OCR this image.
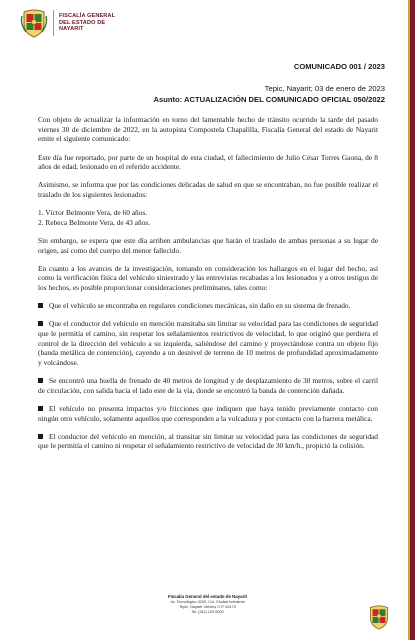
FISCALÍA GENERAL
DEL ESTADO DE
NAYARIT
COMUNICADO 001 / 2023
Tepic, Nayarit; 03 de enero de 2023
Asunto: ACTUALIZACIÓN DEL COMUNICADO OFICIAL 050/2022

Con objeto de actualizar la información en torno del lamentable hecho de tránsito ocurrido la tarde del pasado viernes 30 de diciembre de 2022, en la autopista Compostela Chapalilla, Fiscalía General del estado de Nayarit emite el siguiente comunicado:

Este día fue reportado, por parte de un hospital de esta ciudad, el fallecimiento de Julio César Torres Gaona, de 8 años de edad, lesionado en el referido accidente.

Asimismo, se informa que por las condiciones delicadas de salud en que se encontraban, no fue posible realizar el traslado de los siguientes lesionados:

1. Víctor Belmonte Vera, de 60 años.

2. Rebeca Belmonte Vera, de 43 años.

Sin embargo, se espera que este día arriben ambulancias que harán el traslado de ambas personas a su lugar de origen, así como del cuerpo del menor fallecido.

En cuanto a los avances de la investigación, tomando en consideración los hallazgos en el lugar del hecho, así como la verificación física del vehículo siniestrado y las entrevistas recabadas a los lesionados y a otros testigos de los hechos, es posible proporcionar consideraciones preliminares, tales como:

Que el vehículo se encontraba en regulares condiciones mecánicas, sin daño en su sistema de frenado.

Que el conductor del vehículo en mención transitaba sin limitar su velocidad para las condiciones de seguridad que le permitía el camino, sin respetar los señalamientos restrictivos de velocidad, lo que originó que perdiera el control de la dirección del vehículo a su izquierda, saliéndose del camino y proyectándose contra un objeto fijo (banda metálica de contención), cayendo a un desnivel de terreno de 10 metros de profundidad aproximadamente y volcándose.

Se encontró una huella de frenado de 40 metros de longitud y de desplazamiento de 30 metros, sobre el carril de circulación, con salida hacia el lado este de la vía, donde se encontró la banda de contención dañada.

El vehículo no presenta impactos y/o fricciones que indiquen que haya tenido previamente contacto con ningún otro vehículo, solamente aquellos que corresponden a la volcadura y por contacto con la barrera metálica.

El conductor del vehículo en mención, al transitar sin limitar su velocidad para las condiciones de seguridad que le permitía el camino ni respetar el señalamiento restrictivo de velocidad de 30 km/h., propició la colisión.

Fiscalía General del estado de Nayarit
Av. Tecnológico 3200, Col. Ciudad Industrial
Tepic, Nayarit. México C.P. 63173
Tel. (311) 129 6000
